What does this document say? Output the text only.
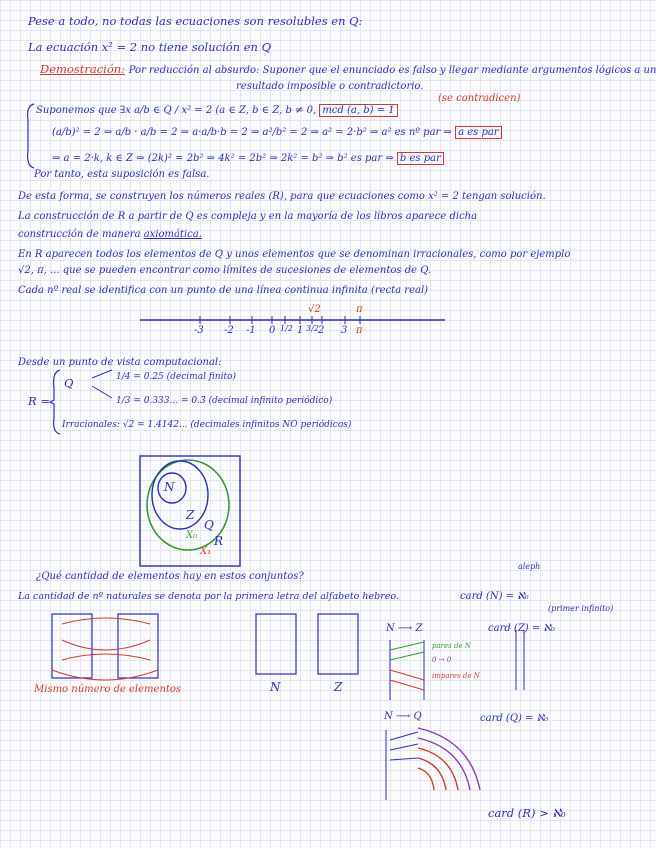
Pese a todo, no todas las ecuaciones son resolubles en Q:
La ecuación x² = 2 no tiene solución en Q
Demostración: Por reducción al absurdo: Suponer que el enunciado es falso y llegar mediante argumentos lógicos a un
resultado imposible o contradictorio.
(se contradicen)
Suponemos que ∃x a/b ∈ Q / x² = 2 (a ∈ Z, b ∈ Z, b ≠ 0, mcd (a, b) = 1
(a/b)² = 2 ⇒ a/b · a/b = 2 ⇒ a·a/b·b = 2 ⇒ a²/b² = 2 ⇒ a² = 2·b² ⇒ a² es nº par ⇒ a es par
⇒ a = 2·k, k ∈ Z ⇒ (2k)² = 2b² ⇒ 4k² = 2b² ⇒ 2k² = b² ⇒ b² es par ⇒ b es par
Por tanto, esta suposición es falsa.
De esta forma, se construyen los números reales (R), para que ecuaciones como x² = 2 tengan solución.
La construcción de R a partir de Q es compleja y en la mayoría de los libros aparece dicha
construcción de manera axiomática.
En R aparecen todos los elementos de Q y unos elementos que se denominan irracionales, como por ejemplo
√2, π, ... que se pueden encontrar como límites de sucesiones de elementos de Q.
Cada nº real se identifica con un punto de una línea continua infinita (recta real)
-3 -2 -1 0 1/2 1 3/2 2 3 π
√2	π
Desde un punto de vista computacional:
R =
Q	1/4 = 0.25 (decimal finito)
1/3 = 0.333... = 0.3̄ (decimal infinito periódico)
Irracionales: √2 = 1.4142... (decimales infinitos NO periódicos)
N
Z
Q
R
X₀
X₁
¿Qué cantidad de elementos hay en estos conjuntos?
La cantidad de nº naturales se denota por la primera letra del alfabeto hebreo.
aleph
card (N) = ℵ₀
(primer infinito)
Mismo número de elementos	N	Z
N ⟶ Z
pares de N
0 → 0
impares de N
card (Z) = ℵ₀
N ⟶ Q	card (Q) = ℵ₀
card (R) > ℵ₀
